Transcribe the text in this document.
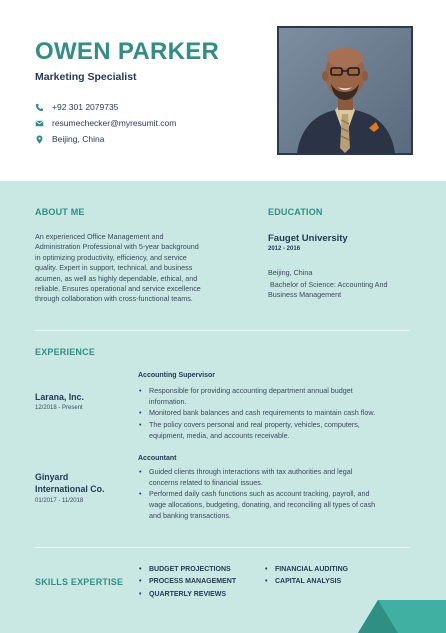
OWEN PARKER
Marketing Specialist
+92 301 2079735
resumechecker@myresumit.com
Beijing, China
ABOUT ME
An experienced Office Management and
Administration Professional with 5-year background
in optimizing productivity, efficiency, and service
quality. Expert in support, technical, and business
acumen, as well as highly dependable, ethical, and
reliable. Ensures operational and service excellence
through collaboration with cross-functional teams.
EDUCATION
Fauget University
2012 - 2016
Beijing, China
Bachelor of Science: Accounting And
Business Management
EXPERIENCE
Larana, Inc.
12/2018 - Present
Accounting Supervisor
• Responsible for providing accounting department annual budget
information.
• Monitored bank balances and cash requirements to maintain cash flow.
• The policy covers personal and real property, vehicles, computers,
equipment, media, and accounts receivable.
Ginyard
International Co.
01/2017 - 11/2018
Accountant
• Guided clients through interactions with tax authorities and legal
concerns related to financial issues.
• Performed daily cash functions such as account tracking, payroll, and
wage allocations, budgeting, donating, and reconciling all types of cash
and banking transactions.
SKILLS EXPERTISE
• BUDGET PROJECTIONS
• PROCESS MANAGEMENT
• QUARTERLY REVIEWS
• FINANCIAL AUDITING
• CAPITAL ANALYSIS
